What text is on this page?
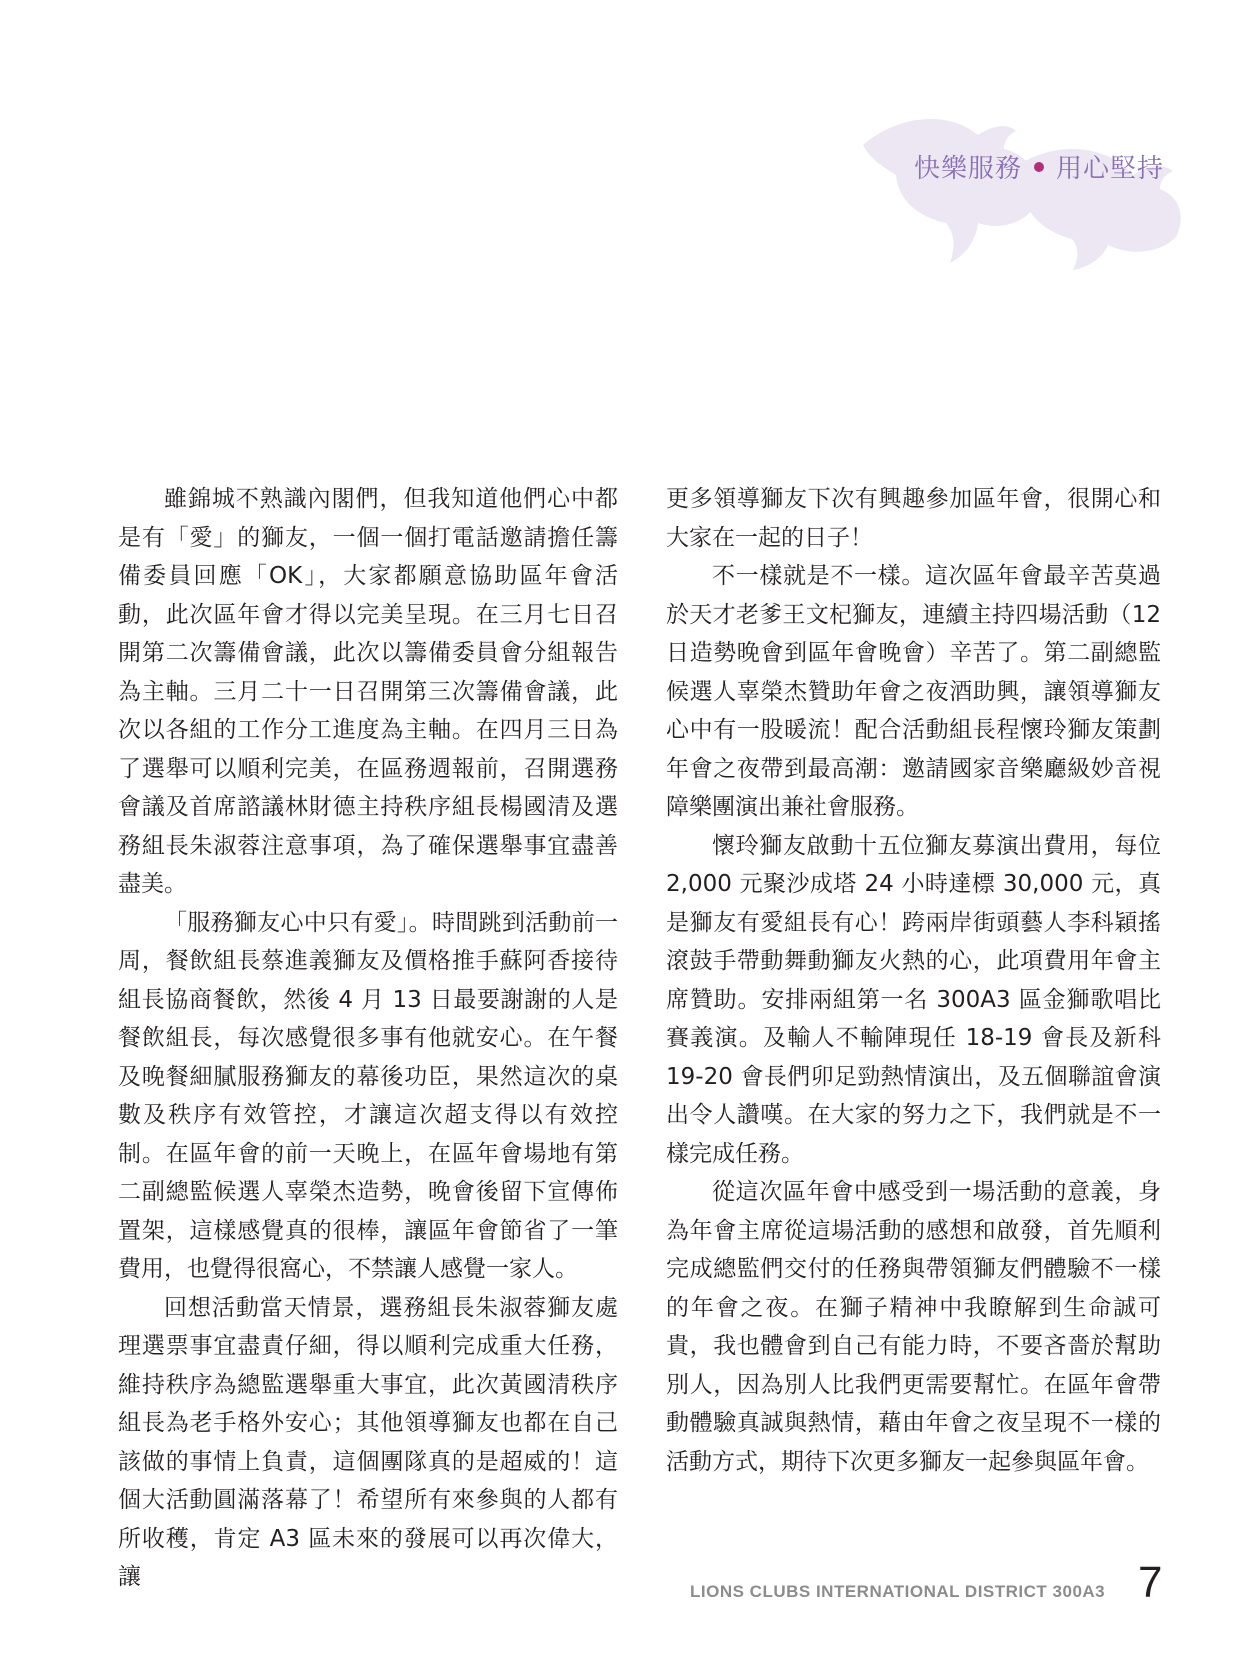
快樂服務 用心堅持

雖錦城不熟識內閣們，但我知道他們心中都是有「愛」的獅友，一個一個打電話邀請擔任籌備委員回應「OK」，大家都願意協助區年會活動，此次區年會才得以完美呈現。在三月七日召開第二次籌備會議，此次以籌備委員會分組報告為主軸。三月二十一日召開第三次籌備會議，此次以各組的工作分工進度為主軸。在四月三日為了選舉可以順利完美，在區務週報前，召開選務會議及首席諮議林財德主持秩序組長楊國清及選務組長朱淑蓉注意事項，為了確保選舉事宜盡善盡美。

「服務獅友心中只有愛」。時間跳到活動前一周，餐飲組長蔡進義獅友及價格推手蘇阿香接待組長協商餐飲，然後 4 月 13 日最要謝謝的人是餐飲組長，每次感覺很多事有他就安心。在午餐及晚餐細膩服務獅友的幕後功臣，果然這次的桌數及秩序有效管控，才讓這次超支得以有效控制。在區年會的前一天晚上，在區年會場地有第二副總監候選人辜榮杰造勢，晚會後留下宣傳佈置架，這樣感覺真的很棒，讓區年會節省了一筆費用，也覺得很窩心，不禁讓人感覺一家人。

回想活動當天情景，選務組長朱淑蓉獅友處理選票事宜盡責仔細，得以順利完成重大任務，維持秩序為總監選舉重大事宜，此次黃國清秩序組長為老手格外安心；其他領導獅友也都在自己該做的事情上負責，這個團隊真的是超威的！這個大活動圓滿落幕了！希望所有來參與的人都有所收穫，肯定 A3 區未來的發展可以再次偉大，讓

更多領導獅友下次有興趣參加區年會，很開心和大家在一起的日子！

不一樣就是不一樣。這次區年會最辛苦莫過於天才老爹王文杞獅友，連續主持四場活動（12 日造勢晚會到區年會晚會）辛苦了。第二副總監候選人辜榮杰贊助年會之夜酒助興，讓領導獅友心中有一股暖流！配合活動組長程懷玲獅友策劃年會之夜帶到最高潮：邀請國家音樂廳級妙音視障樂團演出兼社會服務。

懷玲獅友啟動十五位獅友募演出費用，每位 2,000 元聚沙成塔 24 小時達標 30,000 元，真是獅友有愛組長有心！跨兩岸街頭藝人李科穎搖滾鼓手帶動舞動獅友火熱的心，此項費用年會主席贊助。安排兩組第一名 300A3 區金獅歌唱比賽義演。及輸人不輸陣現任 18-19 會長及新科 19-20 會長們卯足勁熱情演出，及五個聯誼會演出令人讚嘆。在大家的努力之下，我們就是不一樣完成任務。

從這次區年會中感受到一場活動的意義，身為年會主席從這場活動的感想和啟發，首先順利完成總監們交付的任務與帶領獅友們體驗不一樣的年會之夜。在獅子精神中我瞭解到生命誠可貴，我也體會到自己有能力時，不要吝嗇於幫助別人，因為別人比我們更需要幫忙。在區年會帶動體驗真誠與熱情，藉由年會之夜呈現不一樣的活動方式，期待下次更多獅友一起參與區年會。

LIONS CLUBS INTERNATIONAL DISTRICT 300A3 7
